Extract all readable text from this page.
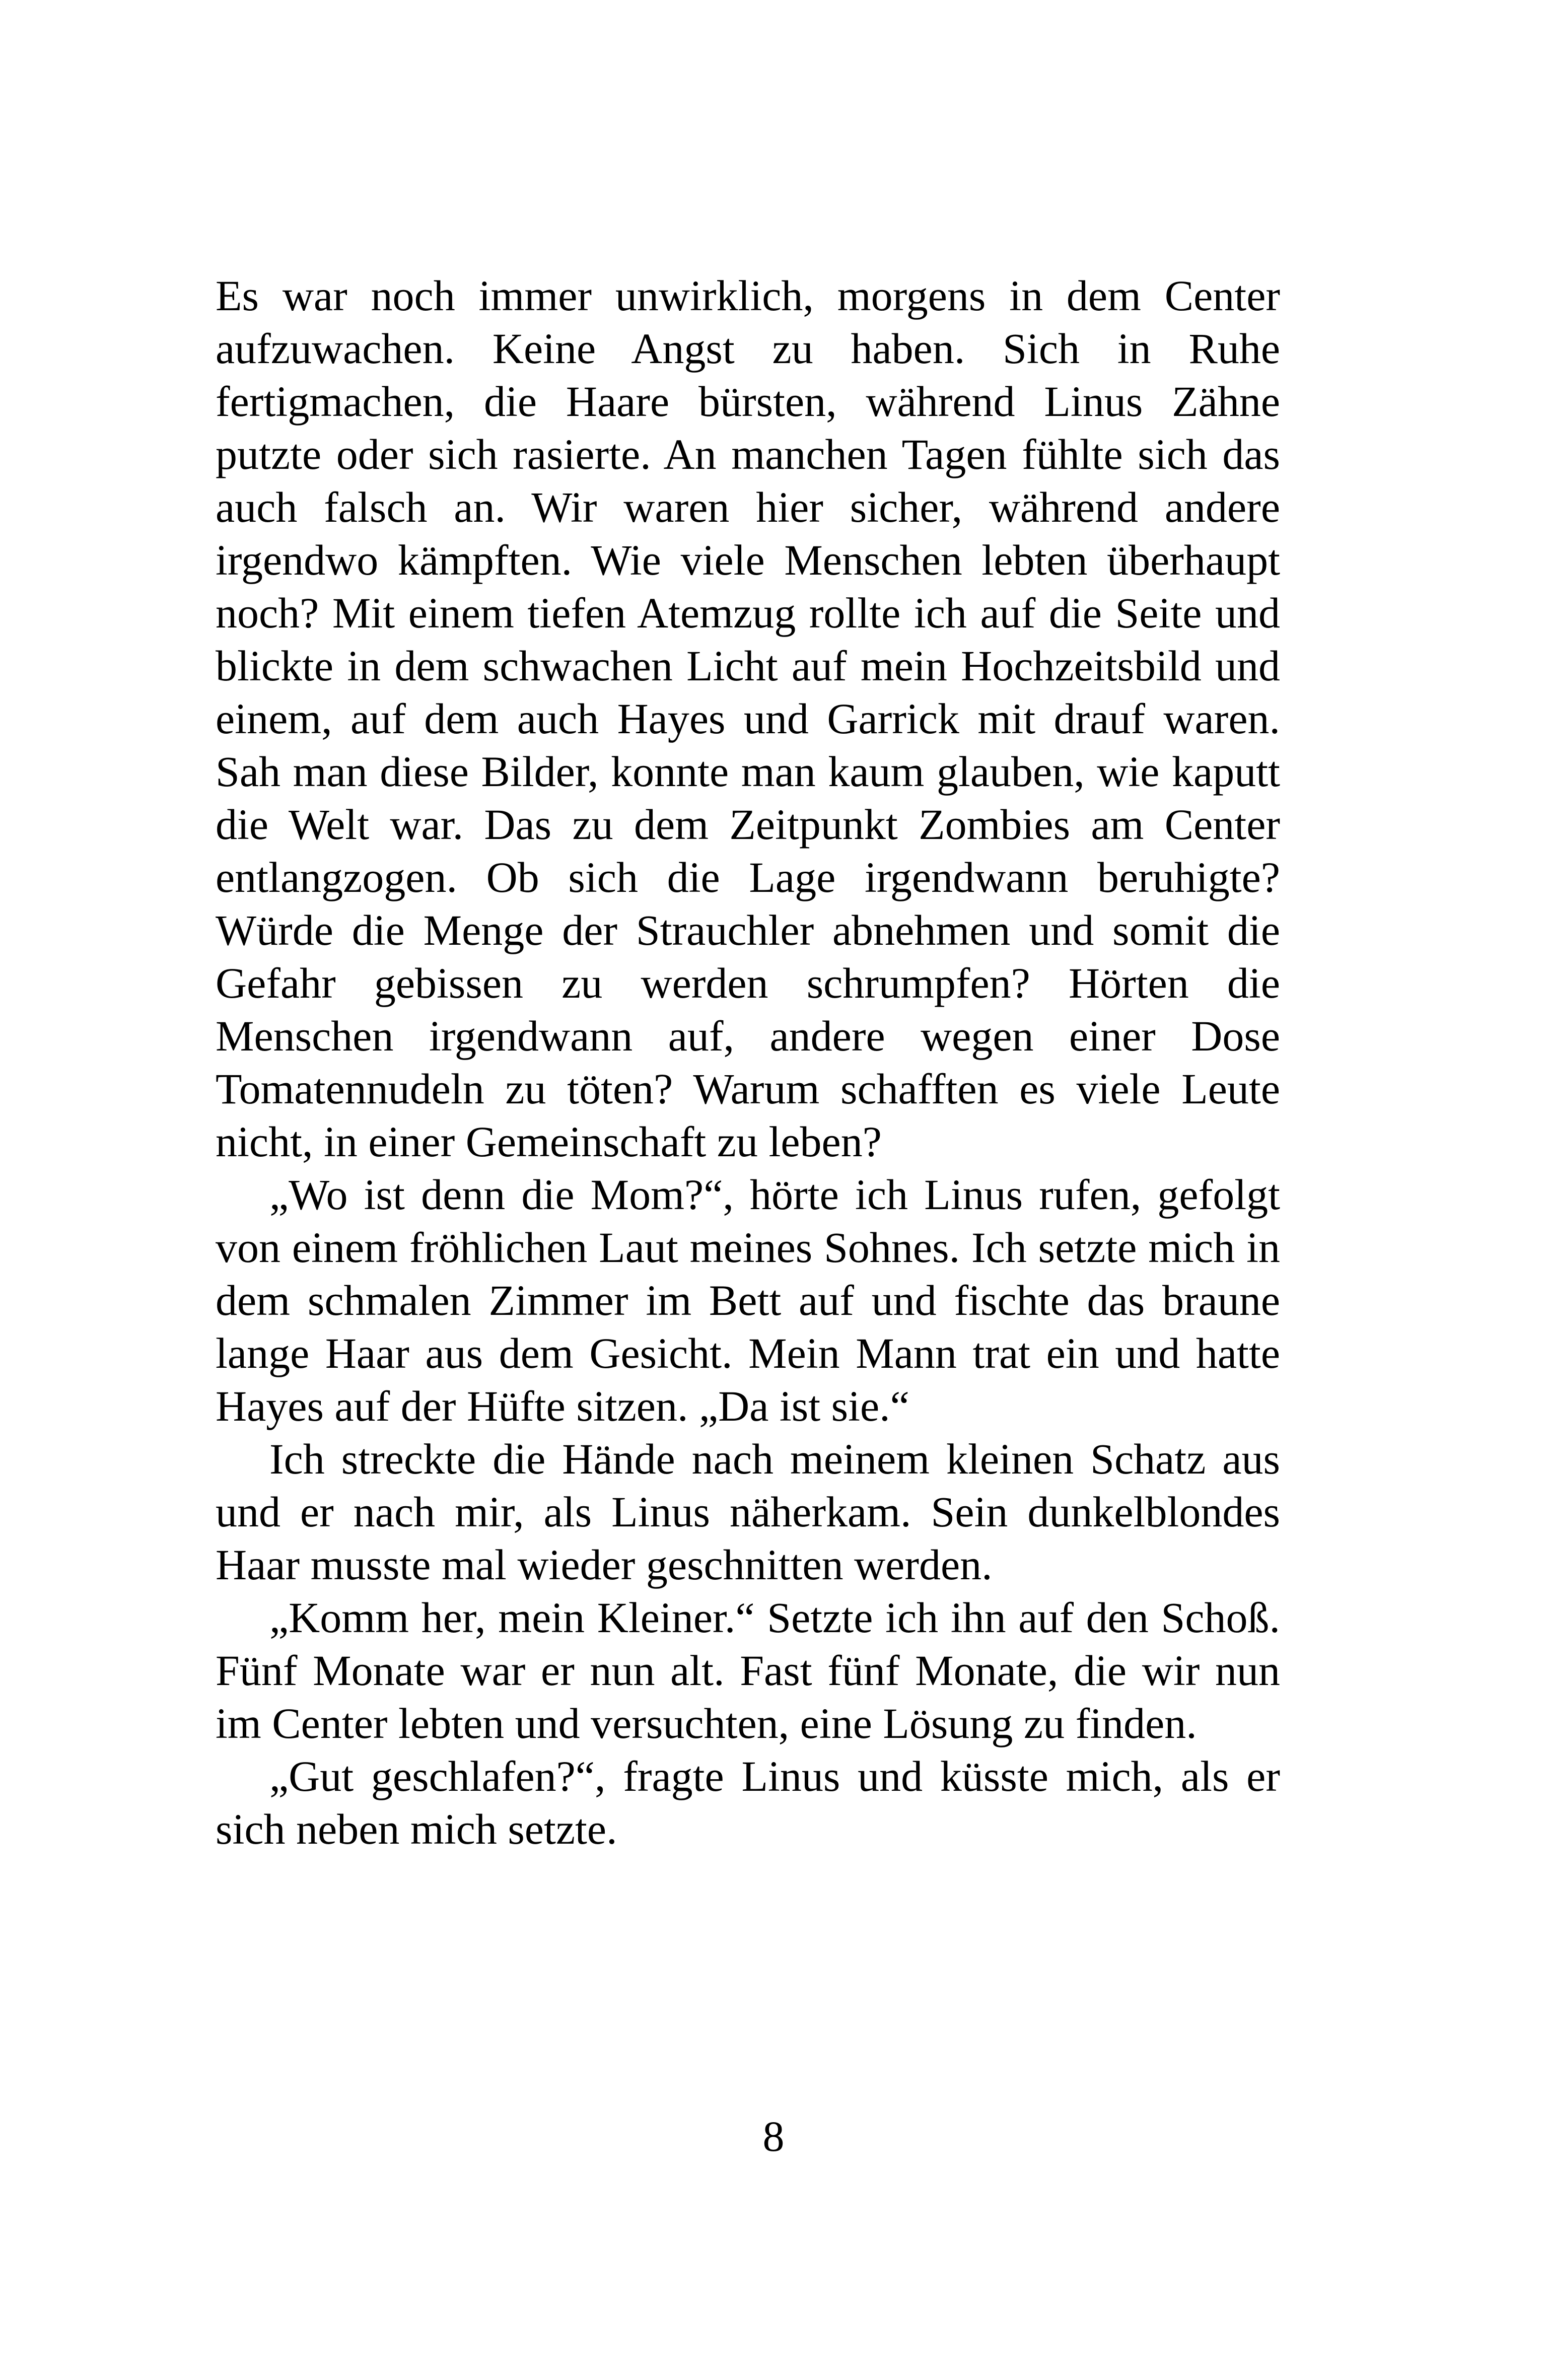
Es war noch immer unwirklich, morgens in dem Center aufzuwachen. Keine Angst zu haben. Sich in Ruhe fertigmachen, die Haare bürsten, während Linus Zähne putzte oder sich rasierte. An manchen Tagen fühlte sich das auch falsch an. Wir waren hier sicher, während andere irgendwo kämpften. Wie viele Menschen lebten überhaupt noch? Mit einem tiefen Atemzug rollte ich auf die Seite und blickte in dem schwachen Licht auf mein Hochzeitsbild und einem, auf dem auch Hayes und Garrick mit drauf waren. Sah man diese Bilder, konnte man kaum glauben, wie kaputt die Welt war. Das zu dem Zeitpunkt Zombies am Center entlangzogen. Ob sich die Lage irgendwann beruhigte? Würde die Menge der Strauchler abnehmen und somit die Gefahr gebissen zu werden schrumpfen? Hörten die Menschen irgendwann auf, andere wegen einer Dose Tomatennudeln zu töten? Warum schafften es viele Leute nicht, in einer Gemeinschaft zu leben?

„Wo ist denn die Mom?“, hörte ich Linus rufen, gefolgt von einem fröhlichen Laut meines Sohnes. Ich setzte mich in dem schmalen Zimmer im Bett auf und fischte das braune lange Haar aus dem Gesicht. Mein Mann trat ein und hatte Hayes auf der Hüfte sitzen. „Da ist sie.“

Ich streckte die Hände nach meinem kleinen Schatz aus und er nach mir, als Linus näherkam. Sein dunkelblondes Haar musste mal wieder geschnitten werden.

„Komm her, mein Kleiner.“ Setzte ich ihn auf den Schoß. Fünf Monate war er nun alt. Fast fünf Monate, die wir nun im Center lebten und versuchten, eine Lösung zu finden.

„Gut geschlafen?“, fragte Linus und küsste mich, als er sich neben mich setzte.

8
